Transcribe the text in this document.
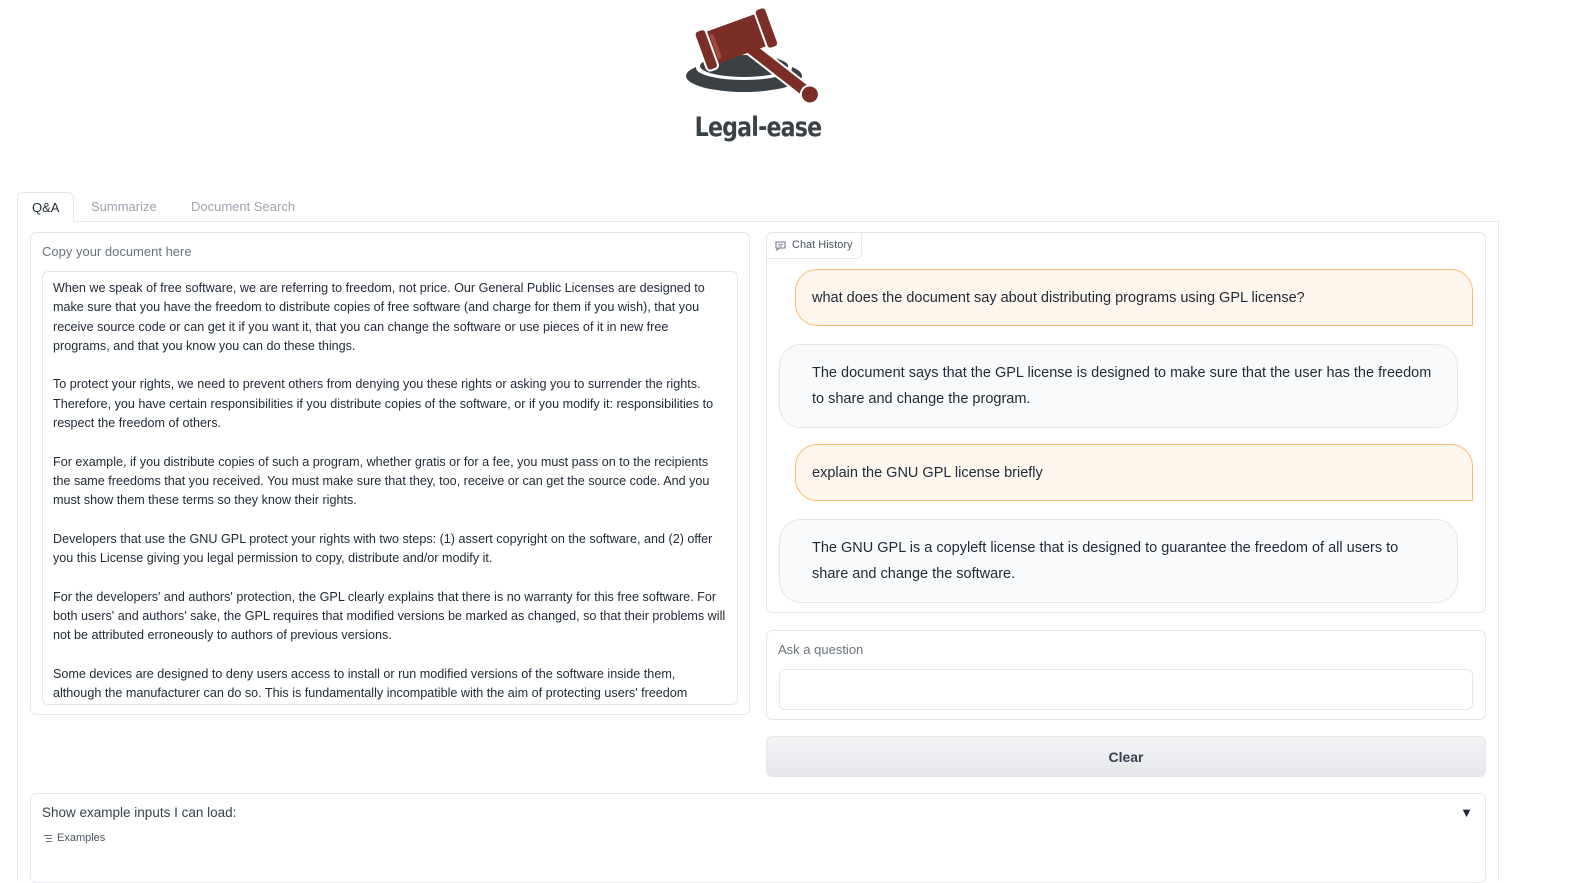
Legal-ease
Q&A	Summarize	Document Search
Copy your document here
When we speak of free software, we are referring to freedom, not price. Our General Public Licenses are designed to make sure that you have the freedom to distribute copies of free software (and charge for them if you wish), that you receive source code or can get it if you want it, that you can change the software or use pieces of it in new free programs, and that you know you can do these things.

To protect your rights, we need to prevent others from denying you these rights or asking you to surrender the rights. Therefore, you have certain responsibilities if you distribute copies of the software, or if you modify it: responsibilities to respect the freedom of others.

For example, if you distribute copies of such a program, whether gratis or for a fee, you must pass on to the recipients the same freedoms that you received. You must make sure that they, too, receive or can get the source code. And you must show them these terms so they know their rights.

Developers that use the GNU GPL protect your rights with two steps: (1) assert copyright on the software, and (2) offer you this License giving you legal permission to copy, distribute and/or modify it.

For the developers' and authors' protection, the GPL clearly explains that there is no warranty for this free software. For both users' and authors' sake, the GPL requires that modified versions be marked as changed, so that their problems will not be attributed erroneously to authors of previous versions.

Some devices are designed to deny users access to install or run modified versions of the software inside them, although the manufacturer can do so. This is fundamentally incompatible with the aim of protecting users' freedom
Chat History
what does the document say about distributing programs using GPL license?
The document says that the GPL license is designed to make sure that the user has the freedom to share and change the program.
explain the GNU GPL license briefly
The GNU GPL is a copyleft license that is designed to guarantee the freedom of all users to share and change the software.
Ask a question
Clear
Show example inputs I can load:	▼
Examples
